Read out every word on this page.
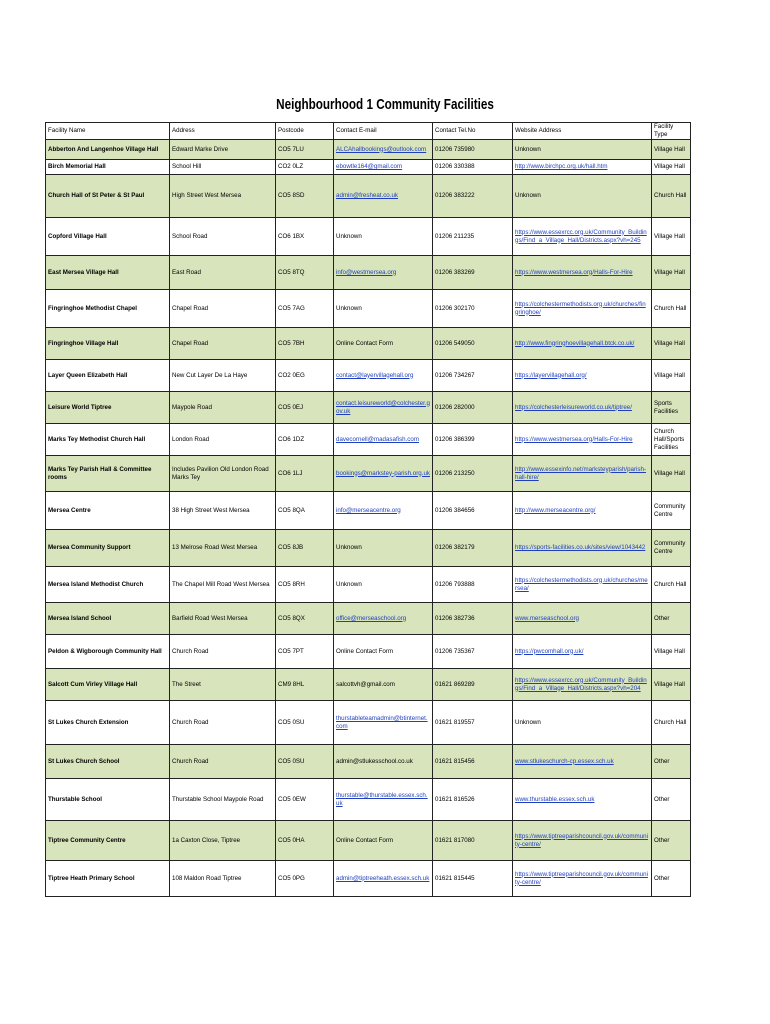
Neighbourhood 1 Community Facilities
Facility Name	Address	Postcode	Contact E-mail	Contact Tel.No	Website Address	Facility Type
Abberton And Langenhoe Village Hall	Edward Marke Drive	CO5 7LU	ALCAhallbookings@outlook.com	01206 735980	Unknown	Village Hall
Birch Memorial Hall	School Hill	CO2 0LZ	ebowtle164@gmail.com	01206 330388	http://www.birchpc.org.uk/hall.htm	Village Hall
Church Hall of St Peter & St Paul	High Street West Mersea	CO5 8SD	admin@fresheat.co.uk	01206 383222	Unknown	Church Hall
Copford Village Hall	School Road	CO6 1BX	Unknown	01206 211235	https://www.essexrcc.org.uk/Community_Buildings/Find_a_Village_Hall/Districts.aspx?vh=245	Village Hall
East Mersea Village Hall	East Road	CO5 8TQ	info@westmersea.org	01206 383269	https://www.westmersea.org/Halls-For-Hire	Village Hall
Fingringhoe Methodist Chapel	Chapel Road	CO5 7AG	Unknown	01206 302170	https://colchestermethodists.org.uk/churches/fingringhoe/	Church Hall
Fingringhoe Village Hall	Chapel Road	CO5 7BH	Online Contact Form	01206 549050	http://www.fingringhoevillagehall.btck.co.uk/	Village Hall
Layer Queen Elizabeth Hall	New Cut Layer De La Haye	CO2 0EG	contact@layervillagehall.org	01206 734267	https://layervillagehall.org/	Village Hall
Leisure World Tiptree	Maypole Road	CO5 0EJ	contact.leisureworld@colchester.gov.uk	01206 282000	https://colchesterleisureworld.co.uk/tiptree/	Sports Facilities
Marks Tey Methodist Church Hall	London Road	CO6 1DZ	davecornell@madasafish.com	01206 386399	https://www.westmersea.org/Halls-For-Hire	Church Hall/Sports Facilities
Marks Tey Parish Hall & Committee rooms	Includes Pavilion Old London Road Marks Tey	CO6 1LJ	bookings@markstey-parish.org.uk	01206 213250	http://www.essexinfo.net/marksteyparish/parish-hall-hire/	Village Hall
Mersea Centre	38 High Street West Mersea	CO5 8QA	info@merseacentre.org	01206 384656	http://www.merseacentre.org/	Community Centre
Mersea Community Support	13 Melrose Road West Mersea	CO5 8JB	Unknown	01206 382179	https://sports-facilities.co.uk/sites/view/1043442	Community Centre
Mersea Island Methodist Church	The Chapel Mill Road West Mersea	CO5 8RH	Unknown	01206 793888	https://colchestermethodists.org.uk/churches/mersea/	Church Hall
Mersea Island School	Barfield Road West Mersea	CO5 8QX	office@merseaschool.org	01206 382736	www.merseaschool.org	Other
Peldon & Wigborough Community Hall	Church Road	CO5 7PT	Online Contact Form	01206 735367	https://pwcomhall.org.uk/	Village Hall
Salcott Cum Virley Village Hall	The Street	CM9 8HL	salcottvh@gmail.com	01621 869289	https://www.essexrcc.org.uk/Community_Buildings/Find_a_Village_Hall/Districts.aspx?vh=204	Village Hall
St Lukes Church Extension	Church Road	CO5 0SU	thurstableteamadmin@btinternet.com	01621 819557	Unknown	Church Hall
St Lukes Church School	Church Road	CO5 0SU	admin@stlukesschool.co.uk	01621 815456	www.stlukeschurch-cp.essex.sch.uk	Other
Thurstable School	Thurstable School Maypole Road	CO5 0EW	thurstable@thurstable.essex.sch.uk	01621 816526	www.thurstable.essex.sch.uk	Other
Tiptree Community Centre	1a Caxton Close, Tiptree	CO5 0HA	Online Contact Form	01621 817080	https://www.tiptreeparishcouncil.gov.uk/community-centre/	Other
Tiptree Heath Primary School	108 Maldon Road Tiptree	CO5 0PG	admin@tiptreeheath.essex.sch.uk	01621 815445	https://www.tiptreeparishcouncil.gov.uk/community-centre/	Other
